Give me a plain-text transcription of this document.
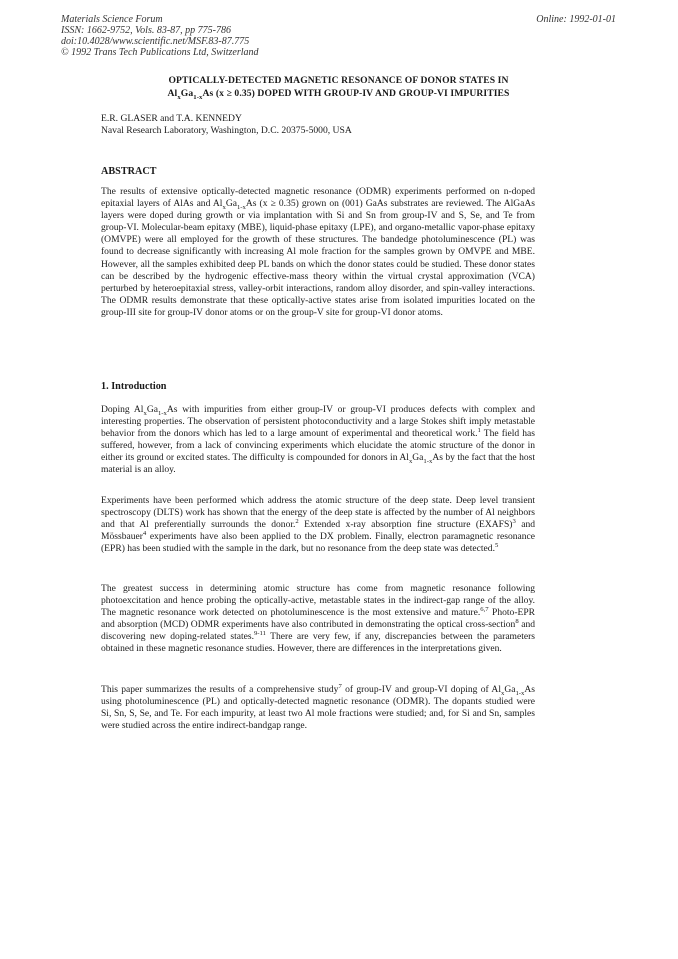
Materials Science Forum
ISSN: 1662-9752, Vols. 83-87, pp 775-786
doi:10.4028/www.scientific.net/MSF.83-87.775
© 1992 Trans Tech Publications Ltd, Switzerland
Online: 1992-01-01
OPTICALLY-DETECTED MAGNETIC RESONANCE OF DONOR STATES IN
$Al_xGa_{1-x}As$ (x ≥ 0.35) DOPED WITH GROUP-IV AND GROUP-VI IMPURITIES
E.R. GLASER and T.A. KENNEDY
Naval Research Laboratory, Washington, D.C. 20375-5000, USA
ABSTRACT
The results of extensive optically-detected magnetic resonance (ODMR) experiments performed on n-doped epitaxial layers of AlAs and $Al_xGa_{1-x}As$ (x ≥ 0.35) grown on (001) GaAs substrates are reviewed. The AlGaAs layers were doped during growth or via implantation with Si and Sn from group-IV and S, Se, and Te from group-VI. Molecular-beam epitaxy (MBE), liquid-phase epitaxy (LPE), and organo-metallic vapor-phase epitaxy (OMVPE) were all employed for the growth of these structures. The bandedge photoluminescence (PL) was found to decrease significantly with increasing Al mole fraction for the samples grown by OMVPE and MBE. However, all the samples exhibited deep PL bands on which the donor states could be studied. These donor states can be described by the hydrogenic effective-mass theory within the virtual crystal approximation (VCA) perturbed by heteroepitaxial stress, valley-orbit interactions, random alloy disorder, and spin-valley interactions. The ODMR results demonstrate that these optically-active states arise from isolated impurities located on the group-III site for group-IV donor atoms or on the group-V site for group-VI donor atoms.
1. Introduction
Doping $Al_xGa_{1-x}As$ with impurities from either group-IV or group-VI produces defects with complex and interesting properties. The observation of persistent photoconductivity and a large Stokes shift imply metastable behavior from the donors which has led to a large amount of experimental and theoretical work.$^1$ The field has suffered, however, from a lack of convincing experiments which elucidate the atomic structure of the donor in either its ground or excited states. The difficulty is compounded for donors in $Al_xGa_{1-x}As$ by the fact that the host material is an alloy.
Experiments have been performed which address the atomic structure of the deep state. Deep level transient spectroscopy (DLTS) work has shown that the energy of the deep state is affected by the number of Al neighbors and that Al preferentially surrounds the donor.$^2$ Extended x-ray absorption fine structure (EXAFS)$^3$ and Mössbauer$^4$ experiments have also been applied to the DX problem. Finally, electron paramagnetic resonance (EPR) has been studied with the sample in the dark, but no resonance from the deep state was detected.$^5$
The greatest success in determining atomic structure has come from magnetic resonance following photoexcitation and hence probing the optically-active, metastable states in the indirect-gap range of the alloy. The magnetic resonance work detected on photoluminescence is the most extensive and mature.$^{6,7}$ Photo-EPR and absorption (MCD) ODMR experiments have also contributed in demonstrating the optical cross-section$^8$ and discovering new doping-related states.$^{9-11}$ There are very few, if any, discrepancies between the parameters obtained in these magnetic resonance studies. However, there are differences in the interpretations given.
This paper summarizes the results of a comprehensive study$^7$ of group-IV and group-VI doping of $Al_xGa_{1-x}As$ using photoluminescence (PL) and optically-detected magnetic resonance (ODMR). The dopants studied were Si, Sn, S, Se, and Te. For each impurity, at least two Al mole fractions were studied; and, for Si and Sn, samples were studied across the entire indirect-bandgap range.
